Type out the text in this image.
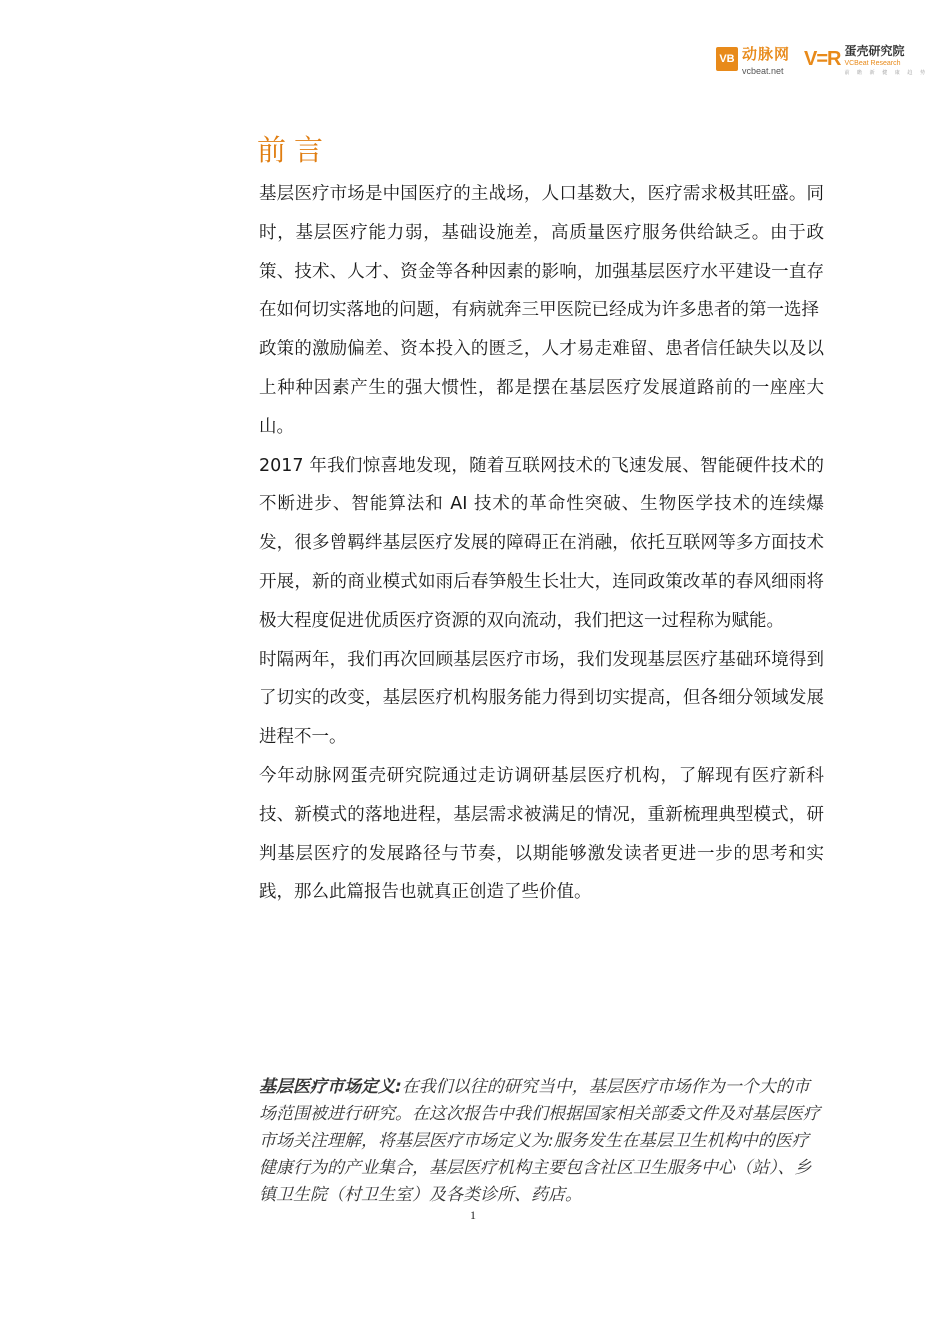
VB 动脉网
vcbeat.net
V=R 蛋壳研究院
VCBeat Research
前 瞻 新 健 康 趋 势
前言

基层医疗市场是中国医疗的主战场，人口基数大，医疗需求极其旺盛。同时，基层医疗能力弱，基础设施差，高质量医疗服务供给缺乏。由于政策、技术、人才、资金等各种因素的影响，加强基层医疗水平建设一直存在如何切实落地的问题，有病就奔三甲医院已经成为许多患者的第一选择

政策的激励偏差、资本投入的匮乏，人才易走难留、患者信任缺失以及以上种种因素产生的强大惯性，都是摆在基层医疗发展道路前的一座座大山。

2017 年我们惊喜地发现，随着互联网技术的飞速发展、智能硬件技术的不断进步、智能算法和 AI 技术的革命性突破、生物医学技术的连续爆发，很多曾羁绊基层医疗发展的障碍正在消融，依托互联网等多方面技术开展，新的商业模式如雨后春笋般生长壮大，连同政策改革的春风细雨将极大程度促进优质医疗资源的双向流动，我们把这一过程称为赋能。

时隔两年，我们再次回顾基层医疗市场，我们发现基层医疗基础环境得到了切实的改变，基层医疗机构服务能力得到切实提高，但各细分领域发展进程不一。

今年动脉网蛋壳研究院通过走访调研基层医疗机构，了解现有医疗新科技、新模式的落地进程，基层需求被满足的情况，重新梳理典型模式，研判基层医疗的发展路径与节奏，以期能够激发读者更进一步的思考和实践，那么此篇报告也就真正创造了些价值。

基层医疗市场定义:在我们以往的研究当中，基层医疗市场作为一个大的市场范围被进行研究。在这次报告中我们根据国家相关部委文件及对基层医疗市场关注理解，将基层医疗市场定义为:服务发生在基层卫生机构中的医疗健康行为的产业集合，基层医疗机构主要包含社区卫生服务中心（站）、乡镇卫生院（村卫生室）及各类诊所、药店。
1
